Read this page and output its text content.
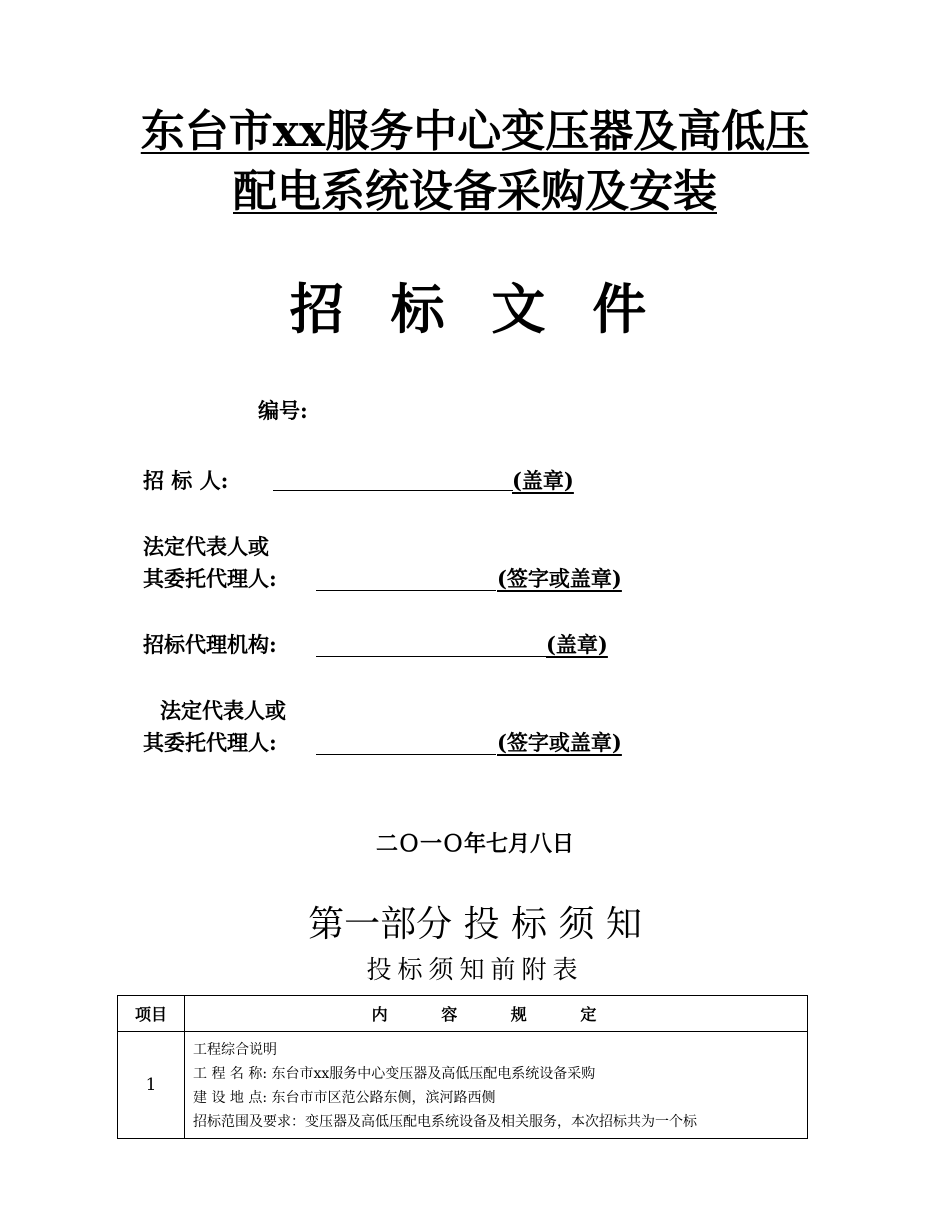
东台市xx服务中心变压器及高低压
配电系统设备采购及安装
招 标 文 件
编号:
招 标 人:	(盖章)
法定代表人或
其委托代理人:	(签字或盖章)
招标代理机构:	(盖章)
法定代表人或
其委托代理人:	(签字或盖章)
二Ｏ一Ｏ年七月八日
第一部分 投 标 须 知
投标须知前附表
项目	内 容 规 定
1	工程综合说明
工 程 名 称: 东台市xx服务中心变压器及高低压配电系统设备采购
建 设 地 点: 东台市市区范公路东侧，滨河路西侧
招标范围及要求：变压器及高低压配电系统设备及相关服务，本次招标共为一个标
